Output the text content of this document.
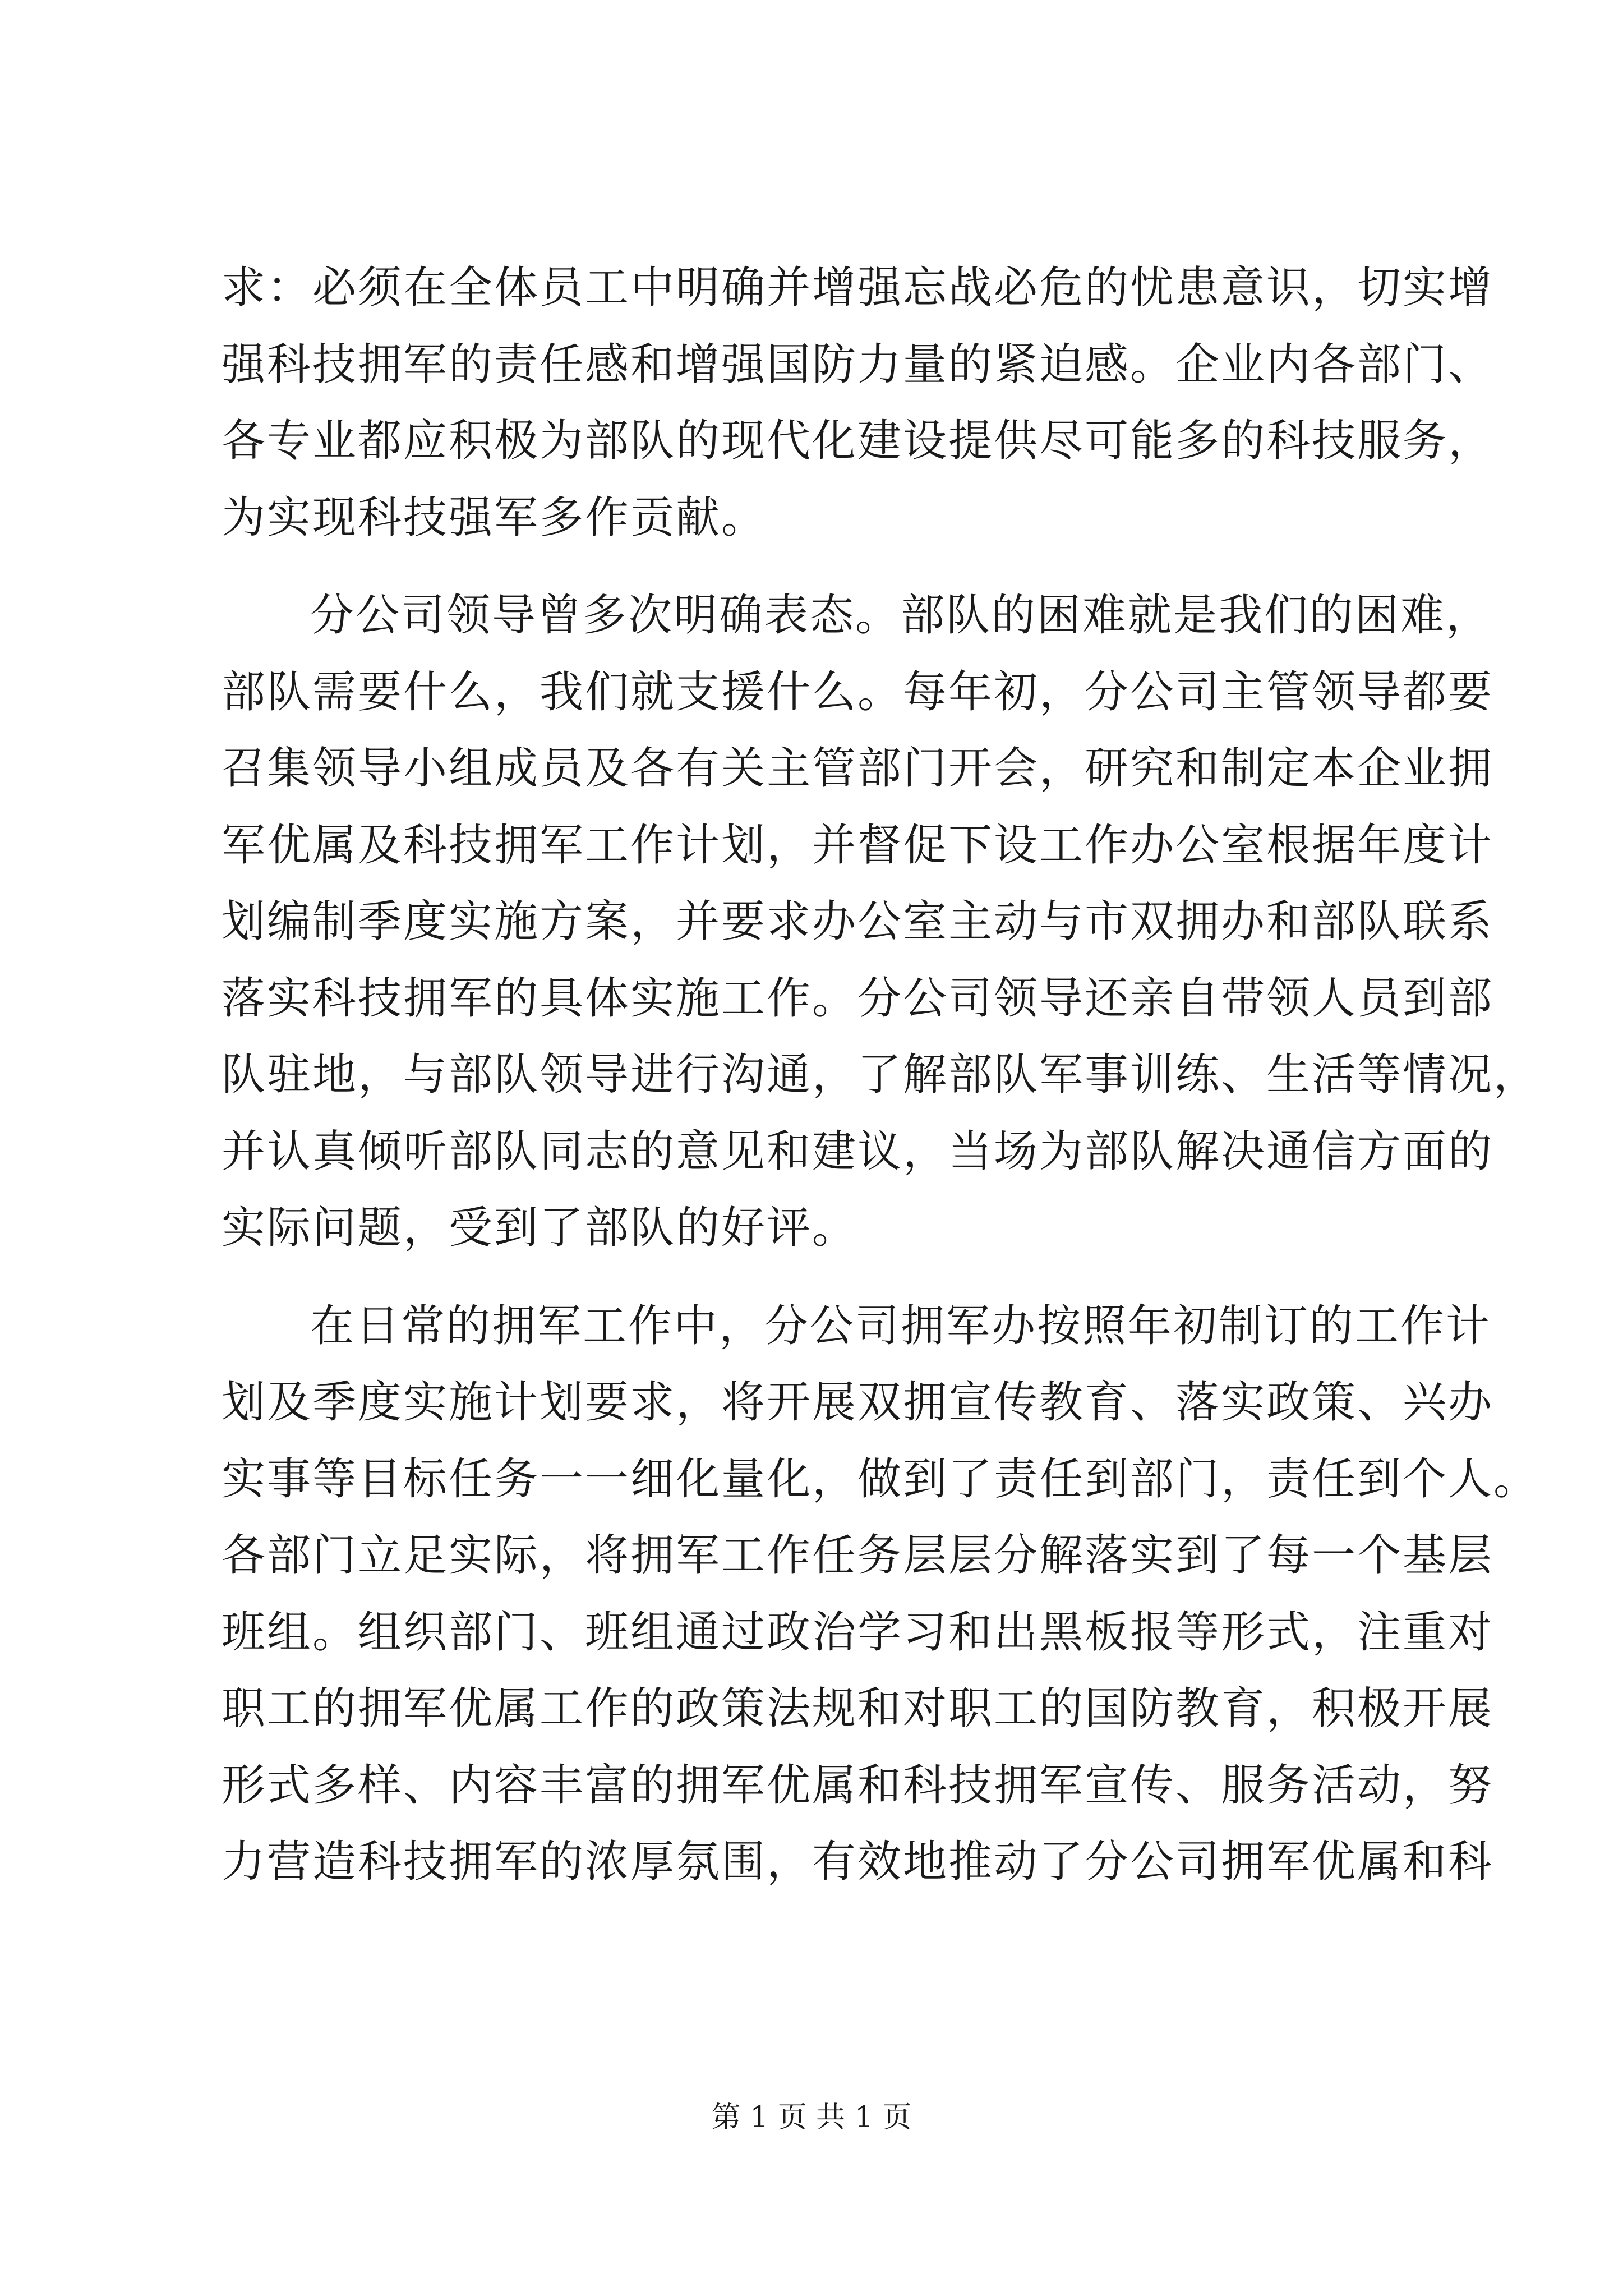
求：必须在全体员工中明确并增强忘战必危的忧患意识，切实增
强科技拥军的责任感和增强国防力量的紧迫感。企业内各部门、
各专业都应积极为部队的现代化建设提供尽可能多的科技服务，
为实现科技强军多作贡献。
分公司领导曾多次明确表态。部队的困难就是我们的困难，
部队需要什么，我们就支援什么。每年初，分公司主管领导都要
召集领导小组成员及各有关主管部门开会，研究和制定本企业拥
军优属及科技拥军工作计划，并督促下设工作办公室根据年度计
划编制季度实施方案，并要求办公室主动与市双拥办和部队联系
落实科技拥军的具体实施工作。分公司领导还亲自带领人员到部
队驻地，与部队领导进行沟通，了解部队军事训练、生活等情况，
并认真倾听部队同志的意见和建议，当场为部队解决通信方面的
实际问题，受到了部队的好评。
在日常的拥军工作中，分公司拥军办按照年初制订的工作计
划及季度实施计划要求，将开展双拥宣传教育、落实政策、兴办
实事等目标任务一一细化量化，做到了责任到部门，责任到个人。
各部门立足实际，将拥军工作任务层层分解落实到了每一个基层
班组。组织部门、班组通过政治学习和出黑板报等形式，注重对
职工的拥军优属工作的政策法规和对职工的国防教育，积极开展
形式多样、内容丰富的拥军优属和科技拥军宣传、服务活动，努
力营造科技拥军的浓厚氛围，有效地推动了分公司拥军优属和科
第 1 页 共 1 页
